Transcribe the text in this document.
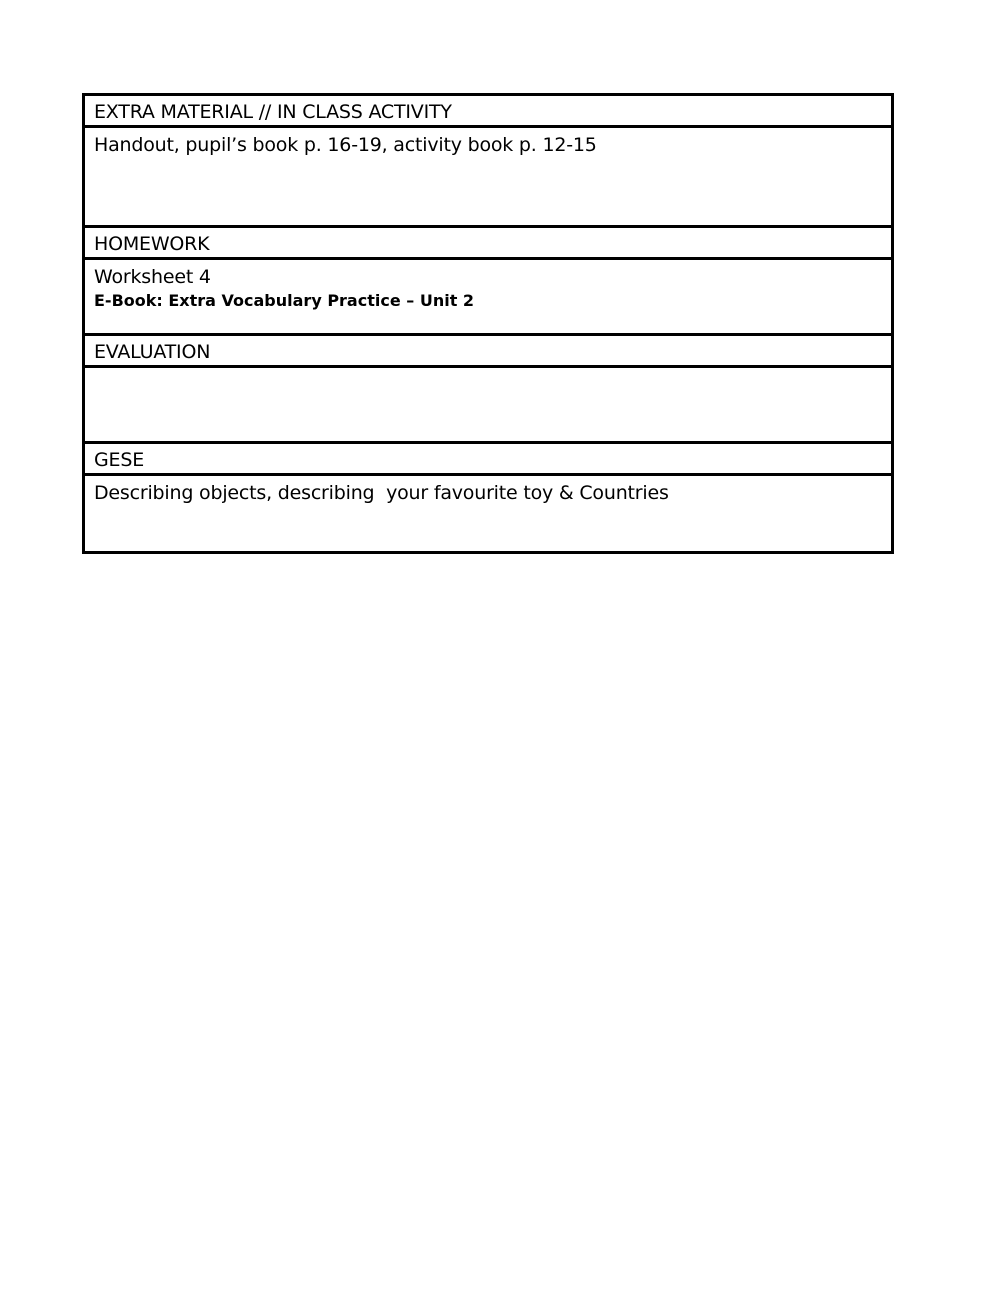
EXTRA MATERIAL // IN CLASS ACTIVITY
Handout, pupil’s book p. 16-19, activity book p. 12-15
HOMEWORK
Worksheet 4
E-Book: Extra Vocabulary Practice – Unit 2
EVALUATION
GESE
Describing objects, describing  your favourite toy & Countries
